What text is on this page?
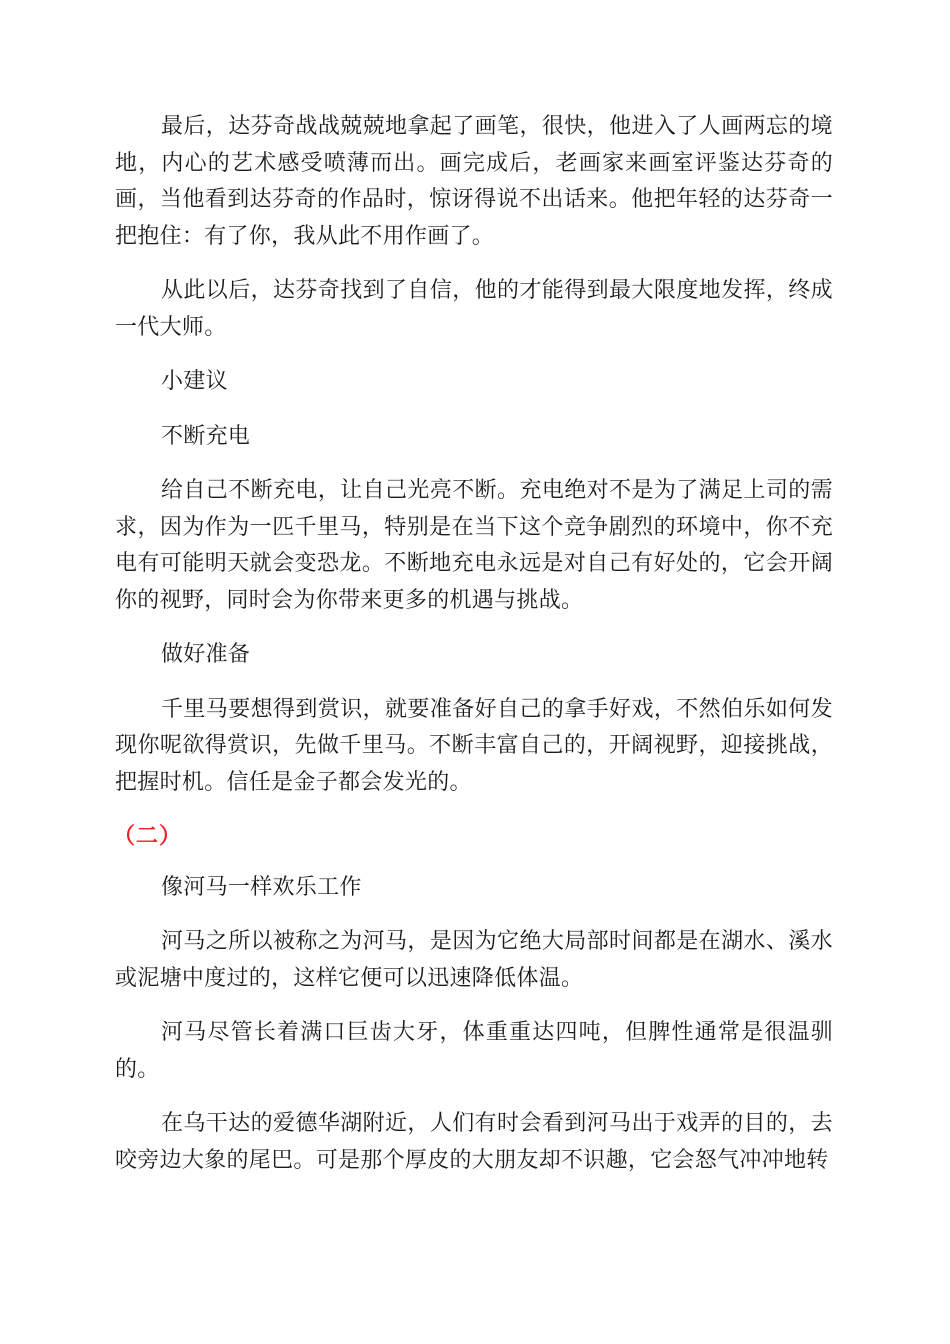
最后，达芬奇战战兢兢地拿起了画笔，很快，他进入了人画两忘的境地，内心的艺术感受喷薄而出。画完成后，老画家来画室评鉴达芬奇的画，当他看到达芬奇的作品时，惊讶得说不出话来。他把年轻的达芬奇一把抱住：有了你，我从此不用作画了。

从此以后，达芬奇找到了自信，他的才能得到最大限度地发挥，终成一代大师。

小建议

不断充电

给自己不断充电，让自己光亮不断。充电绝对不是为了满足上司的需求，因为作为一匹千里马，特别是在当下这个竞争剧烈的环境中，你不充电有可能明天就会变恐龙。不断地充电永远是对自己有好处的，它会开阔你的视野，同时会为你带来更多的机遇与挑战。

做好准备

千里马要想得到赏识，就要准备好自己的拿手好戏，不然伯乐如何发现你呢欲得赏识，先做千里马。不断丰富自己的，开阔视野，迎接挑战，把握时机。信任是金子都会发光的。

（二）

像河马一样欢乐工作

河马之所以被称之为河马，是因为它绝大局部时间都是在湖水、溪水或泥塘中度过的，这样它便可以迅速降低体温。

河马尽管长着满口巨齿大牙，体重重达四吨，但脾性通常是很温驯的。

在乌干达的爱德华湖附近，人们有时会看到河马出于戏弄的目的，去咬旁边大象的尾巴。可是那个厚皮的大朋友却不识趣，它会怒气冲冲地转
